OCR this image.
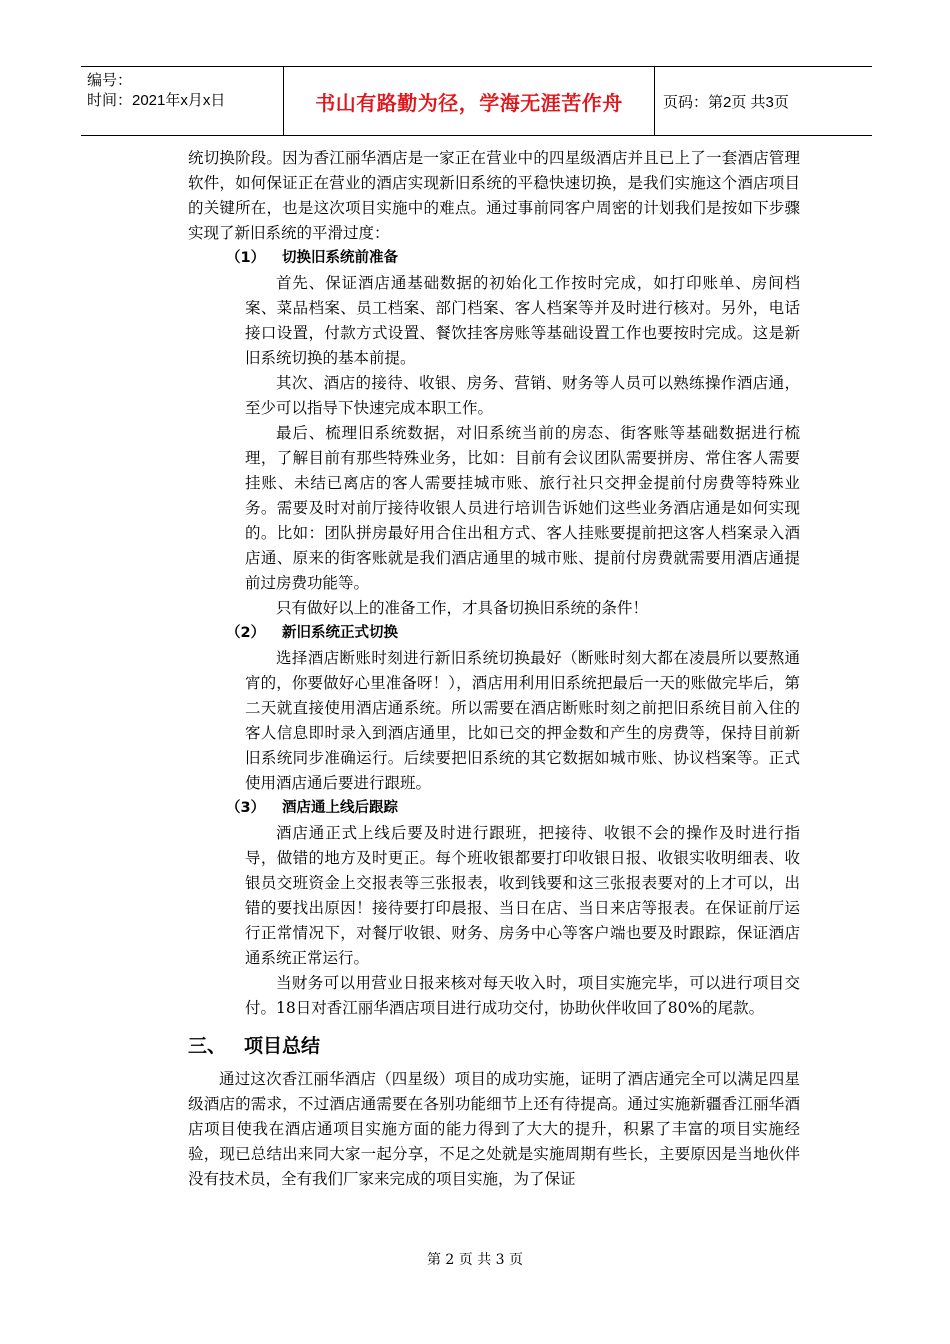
编号：
时间：2021年x月x日	书山有路勤为径，学海无涯苦作舟	页码：第2页 共3页

统切换阶段。因为香江丽华酒店是一家正在营业中的四星级酒店并且已上了一套酒店管理软件，如何保证正在营业的酒店实现新旧系统的平稳快速切换，是我们实施这个酒店项目的关键所在，也是这次项目实施中的难点。通过事前同客户周密的计划我们是按如下步骤实现了新旧系统的平滑过度：

（1）	切换旧系统前准备

首先、保证酒店通基础数据的初始化工作按时完成，如打印账单、房间档案、菜品档案、员工档案、部门档案、客人档案等并及时进行核对。另外，电话接口设置，付款方式设置、餐饮挂客房账等基础设置工作也要按时完成。这是新旧系统切换的基本前提。

其次、酒店的接待、收银、房务、营销、财务等人员可以熟练操作酒店通，至少可以指导下快速完成本职工作。

最后、梳理旧系统数据，对旧系统当前的房态、街客账等基础数据进行梳理，了解目前有那些特殊业务，比如：目前有会议团队需要拼房、常住客人需要挂账、未结已离店的客人需要挂城市账、旅行社只交押金提前付房费等特殊业务。需要及时对前厅接待收银人员进行培训告诉她们这些业务酒店通是如何实现的。比如：团队拼房最好用合住出租方式、客人挂账要提前把这客人档案录入酒店通、原来的街客账就是我们酒店通里的城市账、提前付房费就需要用酒店通提前过房费功能等。

只有做好以上的准备工作，才具备切换旧系统的条件！

（2）	新旧系统正式切换

选择酒店断账时刻进行新旧系统切换最好（断账时刻大都在凌晨所以要熬通宵的，你要做好心里准备呀！），酒店用利用旧系统把最后一天的账做完毕后，第二天就直接使用酒店通系统。所以需要在酒店断账时刻之前把旧系统目前入住的客人信息即时录入到酒店通里，比如已交的押金数和产生的房费等，保持目前新旧系统同步准确运行。后续要把旧系统的其它数据如城市账、协议档案等。正式使用酒店通后要进行跟班。

（3）	酒店通上线后跟踪

酒店通正式上线后要及时进行跟班，把接待、收银不会的操作及时进行指导，做错的地方及时更正。每个班收银都要打印收银日报、收银实收明细表、收银员交班资金上交报表等三张报表，收到钱要和这三张报表要对的上才可以，出错的要找出原因！接待要打印晨报、当日在店、当日来店等报表。在保证前厅运行正常情况下，对餐厅收银、财务、房务中心等客户端也要及时跟踪，保证酒店通系统正常运行。

当财务可以用营业日报来核对每天收入时，项目实施完毕，可以进行项目交付。18日对香江丽华酒店项目进行成功交付，协助伙伴收回了80%的尾款。

三、 项目总结

通过这次香江丽华酒店（四星级）项目的成功实施，证明了酒店通完全可以满足四星级酒店的需求，不过酒店通需要在各别功能细节上还有待提高。通过实施新疆香江丽华酒店项目使我在酒店通项目实施方面的能力得到了大大的提升，积累了丰富的项目实施经验，现已总结出来同大家一起分享，不足之处就是实施周期有些长，主要原因是当地伙伴没有技术员，全有我们厂家来完成的项目实施，为了保证

第 2 页 共 3 页
